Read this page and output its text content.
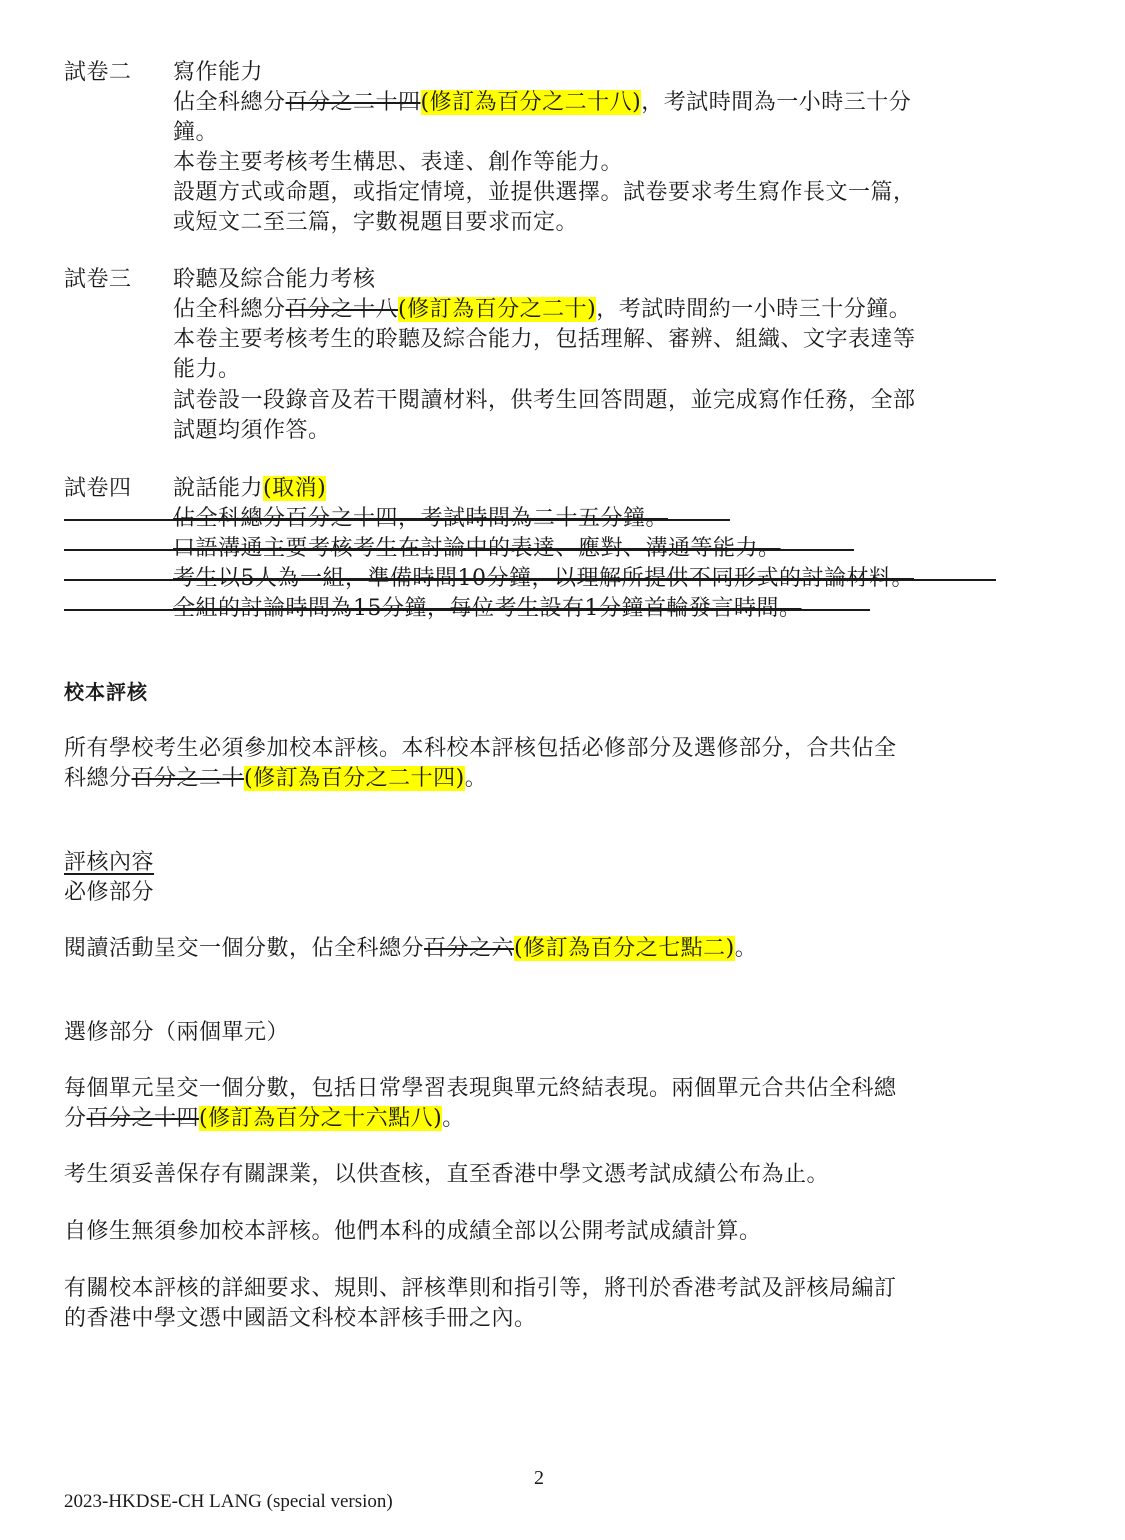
試卷二 寫作能力
佔全科總分百分之二十四(修訂為百分之二十八)，考試時間為一小時三十分
鐘。
本卷主要考核考生構思、表達、創作等能力。
設題方式或命題，或指定情境，並提供選擇。試卷要求考生寫作長文一篇，
或短文二至三篇，字數視題目要求而定。
試卷三 聆聽及綜合能力考核
佔全科總分百分之十八(修訂為百分之二十)，考試時間約一小時三十分鐘。
本卷主要考核考生的聆聽及綜合能力，包括理解、審辨、組織、文字表達等
能力。
試卷設一段錄音及若干閱讀材料，供考生回答問題，並完成寫作任務，全部
試題均須作答。
試卷四 說話能力(取消)
佔全科總分百分之十四，考試時間為二十五分鐘。
口語溝通主要考核考生在討論中的表達、應對、溝通等能力。
考生以5人為一組，準備時間10分鐘，以理解所提供不同形式的討論材料。
全組的討論時間為15分鐘，每位考生設有1分鐘首輪發言時間。
校本評核
所有學校考生必須參加校本評核。本科校本評核包括必修部分及選修部分，合共佔全
科總分百分之二十(修訂為百分之二十四)。
評核內容
必修部分
閱讀活動呈交一個分數，佔全科總分百分之六(修訂為百分之七點二)。
選修部分（兩個單元）
每個單元呈交一個分數，包括日常學習表現與單元終結表現。兩個單元合共佔全科總
分百分之十四(修訂為百分之十六點八)。
考生須妥善保存有關課業，以供查核，直至香港中學文憑考試成績公布為止。
自修生無須參加校本評核。他們本科的成績全部以公開考試成績計算。
有關校本評核的詳細要求、規則、評核準則和指引等，將刊於香港考試及評核局編訂
的香港中學文憑中國語文科校本評核手冊之內。
2
2023-HKDSE-CH LANG (special version)
